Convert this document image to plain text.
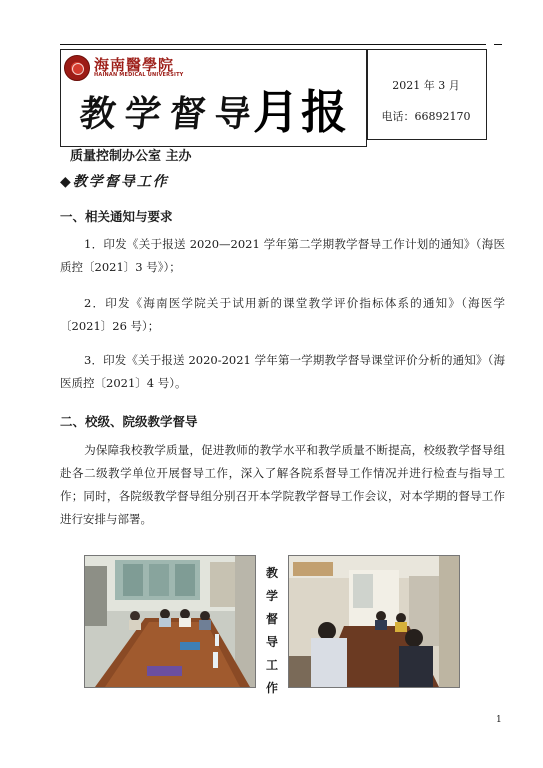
海南醫學院
HAINAN MEDICAL UNIVERSITY
教学督导
月报	2021 年 3 月
电话：66892170
质量控制办公室 主办
◆教学督导工作
一、相关通知与要求
1．印发《关于报送 2020—2021 学年第二学期教学督导工作计划的通知》（海医质控〔2021〕3 号》）；
2．印发《海南医学院关于试用新的课堂教学评价指标体系的通知》（海医学〔2021〕26 号）；
3．印发《关于报送 2020-2021 学年第一学期教学督导课堂评价分析的通知》（海医质控〔2021〕4 号）。
二、校级、院级教学督导
为保障我校教学质量，促进教师的教学水平和教学质量不断提高，校级教学督导组赴各二级教学单位开展督导工作，深入了解各院系督导工作情况并进行检查与指导工作；同时，各院级教学督导组分别召开本学院教学督导工作会议，对本学期的督导工作进行安排与部署。
教学督导工作
1
